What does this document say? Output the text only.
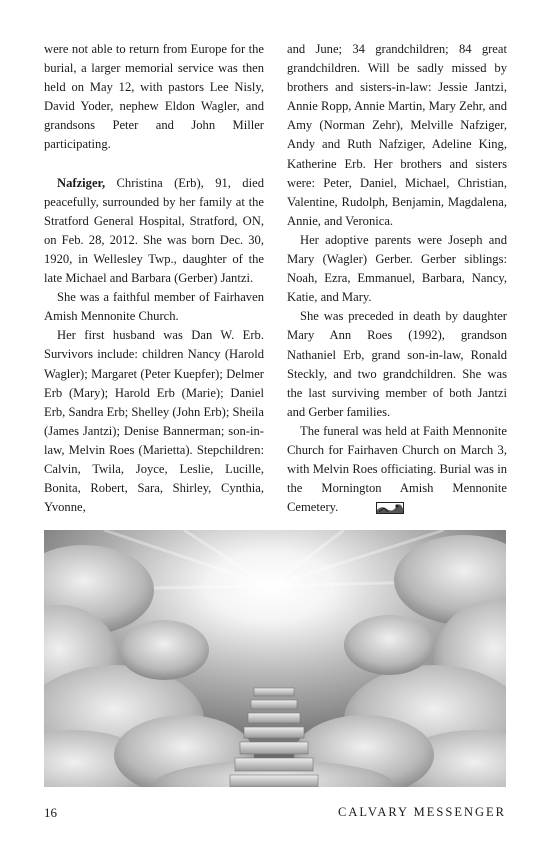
were not able to return from Europe for the burial, a larger memorial service was then held on May 12, with pastors Lee Nisly, David Yoder, nephew Eldon Wagler, and grandsons Peter and John Miller participating.

Nafziger, Christina (Erb), 91, died peacefully, surrounded by her family at the Stratford General Hospital, Stratford, ON, on Feb. 28, 2012. She was born Dec. 30, 1920, in Wellesley Twp., daughter of the late Michael and Barbara (Gerber) Jantzi.

She was a faithful member of Fairhaven Amish Mennonite Church.

Her first husband was Dan W. Erb. Survivors include: children Nancy (Harold Wagler); Margaret (Peter Kuepfer); Delmer Erb (Mary); Harold Erb (Marie); Daniel Erb, Sandra Erb; Shelley (John Erb); Sheila (James Jantzi); Denise Bannerman; son-in-law, Melvin Roes (Marietta). Stepchildren: Calvin, Twila, Joyce, Leslie, Lucille, Bonita, Robert, Sara, Shirley, Cynthia, Yvonne,

and June; 34 grandchildren; 84 great grandchildren. Will be sadly missed by brothers and sisters-in-law: Jessie Jantzi, Annie Ropp, Annie Martin, Mary Zehr, and Amy (Norman Zehr), Melville Nafziger, Andy and Ruth Nafziger, Adeline King, Katherine Erb. Her brothers and sisters were: Peter, Daniel, Michael, Christian, Valentine, Rudolph, Benjamin, Magdalena, Annie, and Veronica.

Her adoptive parents were Joseph and Mary (Wagler) Gerber. Gerber siblings: Noah, Ezra, Emmanuel, Barbara, Nancy, Katie, and Mary.

She was preceded in death by daughter Mary Ann Roes (1992), grandson Nathaniel Erb, grand son-in-law, Ronald Steckly, and two grandchildren. She was the last surviving member of both Jantzi and Gerber families.

The funeral was held at Faith Mennonite Church for Fairhaven Church on March 3, with Melvin Roes officiating. Burial was in the Mornington Amish Mennonite Cemetery.

16	CALVARY MESSENGER
